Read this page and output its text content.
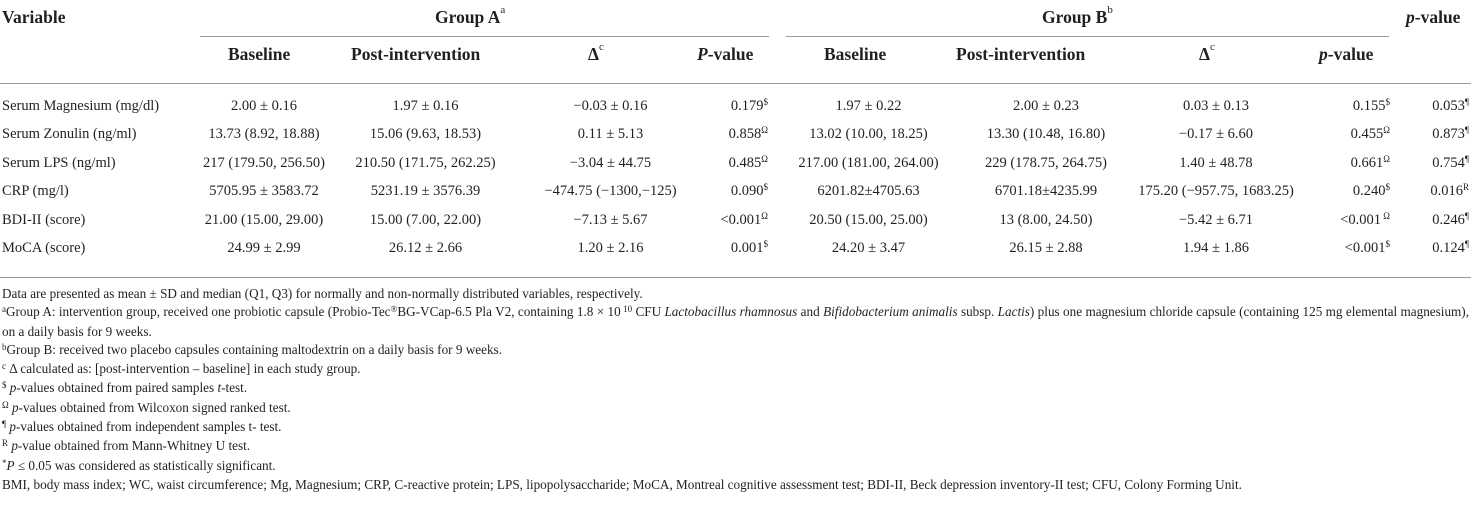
Variable	Group $A^a$	Group $B^b$	p-value
Baseline	Post-intervention	$\Delta^c$	P-value	Baseline	Post-intervention	$\Delta^c$	p-value
Serum Magnesium (mg/dl)	2.00 ± 0.16	1.97 ± 0.16	−0.03 ± 0.16	0.179$	1.97 ± 0.22	2.00 ± 0.23	0.03 ± 0.13	0.155$	0.053¶
Serum Zonulin (ng/ml)	13.73 (8.92, 18.88)	15.06 (9.63, 18.53)	0.11 ± 5.13	$0.858^\Omega$	13.02 (10.00, 18.25)	13.30 (10.48, 16.80)	−0.17 ± 6.60	$0.455^\Omega$	0.873¶
Serum LPS (ng/ml)	217 (179.50, 256.50)	210.50 (171.75, 262.25)	−3.04 ± 44.75	$0.485^\Omega$	217.00 (181.00, 264.00)	229 (178.75, 264.75)	1.40 ± 48.78	$0.661^\Omega$	0.754¶
CRP (mg/l)	5705.95 ± 3583.72	5231.19 ± 3576.39	−474.75 (−1300,−125)	0.090$	6201.82±4705.63	6701.18±4235.99	175.20 (−957.75, 1683.25)	0.240$	$0.016^R$
BDI-II (score)	21.00 (15.00, 29.00)	15.00 (7.00, 22.00)	−7.13 ± 5.67	$<0.001^\Omega$	20.50 (15.00, 25.00)	13 (8.00, 24.50)	−5.42 ± 6.71	<0.001 $^\Omega$	0.246¶
MoCA (score)	24.99 ± 2.99	26.12 ± 2.66	1.20 ± 2.16	0.001$	24.20 ± 3.47	26.15 ± 2.88	1.94 ± 1.86	<0.001$	0.124¶
Data are presented as mean ± SD and median (Q1, Q3) for normally and non-normally distributed variables, respectively.
$^a$Group A: intervention group, received one probiotic capsule (Probio-Tec®BG-VCap-6.5 Pla V2, containing 1.8 × 10 $^{10}$ CFU Lactobacillus rhamnosus and Bifidobacterium animalis subsp. Lactis) plus one magnesium chloride capsule (containing 125 mg elemental magnesium), on a daily basis for 9 weeks.
$^b$Group B: received two placebo capsules containing maltodextrin on a daily basis for 9 weeks.
$^c$ Δ calculated as: [post-intervention – baseline] in each study group.
$ p-values obtained from paired samples t-test.
$^\Omega$ p-values obtained from Wilcoxon signed ranked test.
¶ p-values obtained from independent samples t- test.
$^R$ p-value obtained from Mann-Whitney U test.
*P ≤ 0.05 was considered as statistically significant.
BMI, body mass index; WC, waist circumference; Mg, Magnesium; CRP, C-reactive protein; LPS, lipopolysaccharide; MoCA, Montreal cognitive assessment test; BDI-II, Beck depression inventory-II test; CFU, Colony Forming Unit.
